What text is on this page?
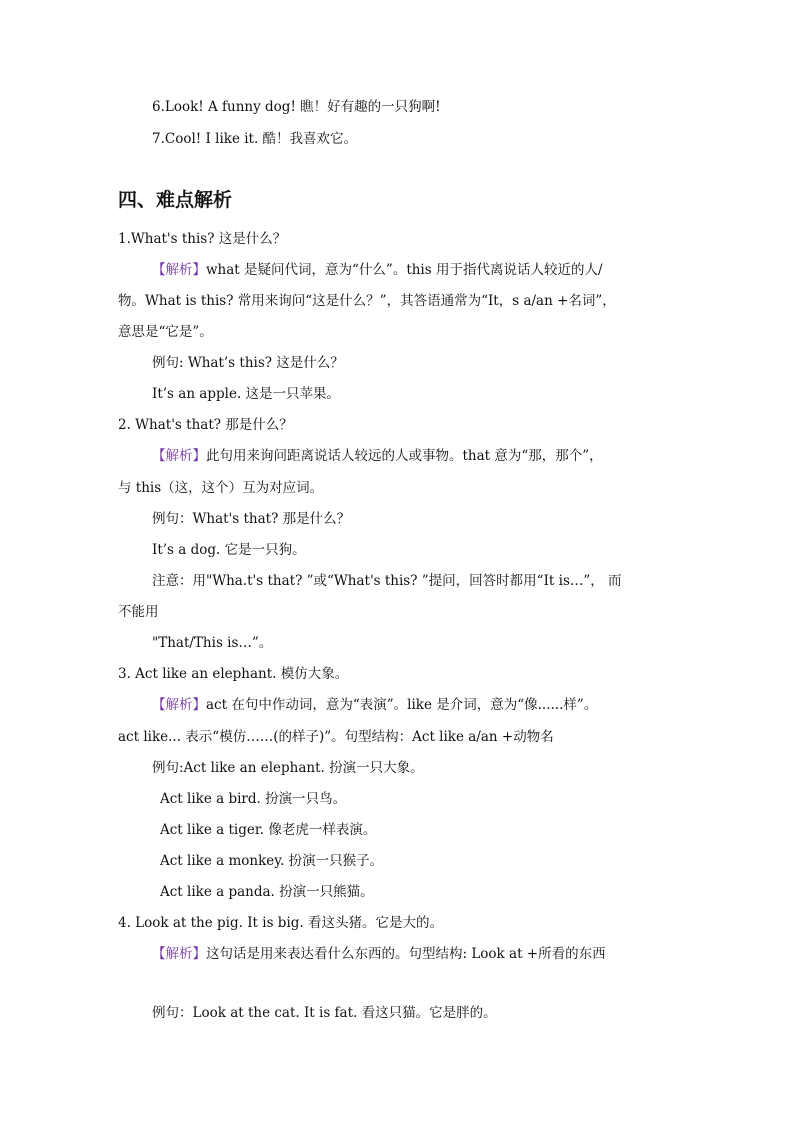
6.Look! A funny dog! 瞧！好有趣的一只狗啊!
7.Cool! I like it. 酷！我喜欢它。
四、难点解析
1.What's this? 这是什么？
【解析】what 是疑问代词，意为“什么”。this 用于指代离说话人较近的人/
物。What is this? 常用来询问“这是什么？”，其答语通常为“It，s a/an +名词”，
意思是“它是”。
例句: What’s this? 这是什么？
It’s an apple. 这是一只苹果。
2. What's that? 那是什么？
【解析】此句用来询问距离说话人较远的人或事物。that 意为“那，那个”，
与 this（这，这个）互为对应词。
例句：What's that? 那是什么？
It’s a dog. 它是一只狗。
注意：用"Wha.t's that? ”或“What's this? ”提问，回答时都用“It is…”， 而
不能用
"That/This is…”。
3. Act like an elephant. 模仿大象。
【解析】act 在句中作动词，意为“表演”。like 是介词，意为“像......样”。
act like... 表示“模仿……(的样子)”。句型结构：Act like a/an +动物名
例句:Act like an elephant. 扮演一只大象。
Act like a bird. 扮演一只鸟。
Act like a tiger. 像老虎一样表演。
Act like a monkey. 扮演一只猴子。
Act like a panda. 扮演一只熊猫。
4. Look at the pig. It is big. 看这头猪。它是大的。
【解析】这句话是用来表达看什么东西的。句型结构: Look at +所看的东西
例句：Look at the cat. It is fat. 看这只猫。它是胖的。
